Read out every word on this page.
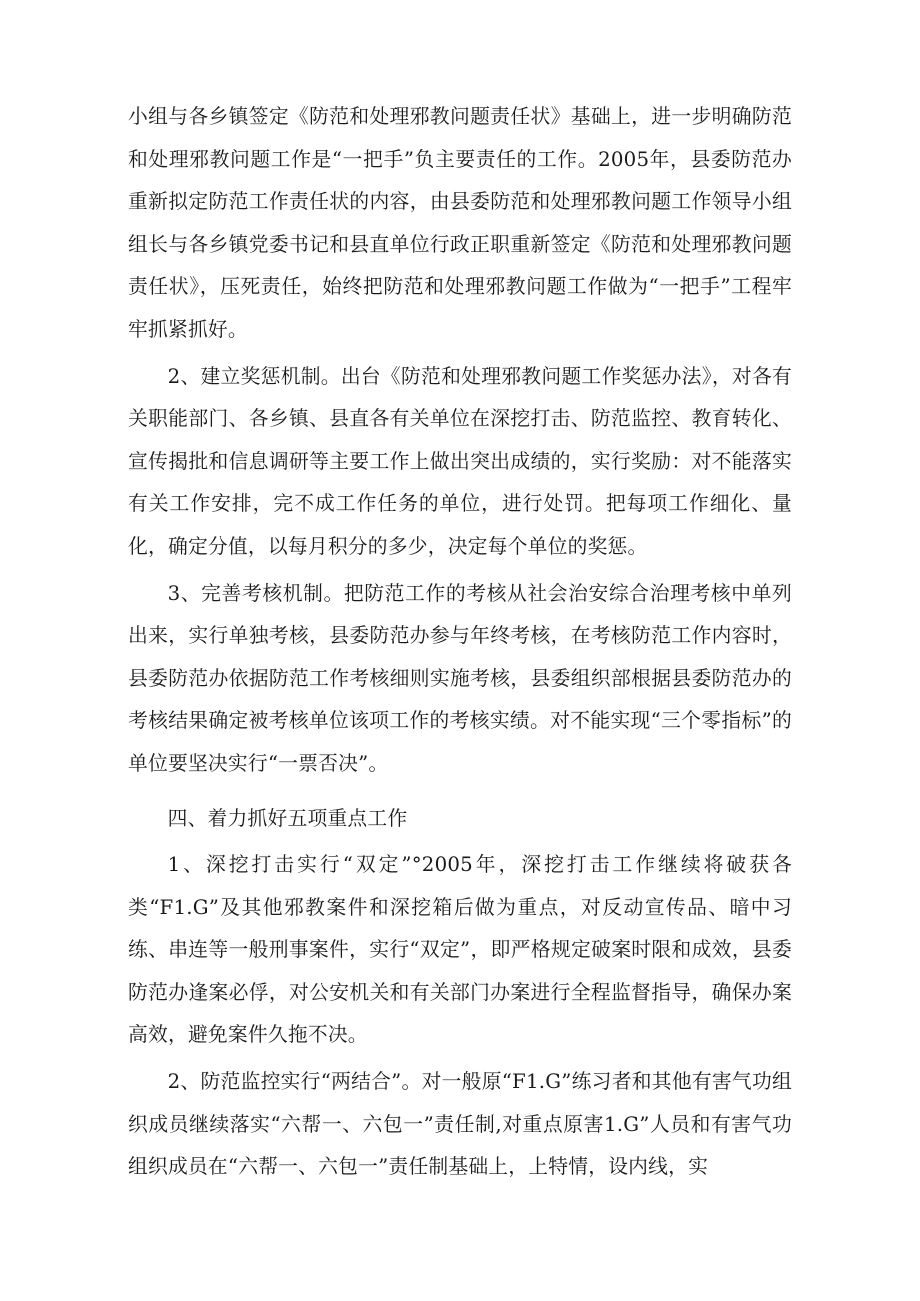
小组与各乡镇签定《防范和处理邪教问题责任状》基础上，进一步明确防范和处理邪教问题工作是“一把手”负主要责任的工作。2005年，县委防范办重新拟定防范工作责任状的内容，由县委防范和处理邪教问题工作领导小组组长与各乡镇党委书记和县直单位行政正职重新签定《防范和处理邪教问题责任状》，压死责任，始终把防范和处理邪教问题工作做为“一把手”工程牢牢抓紧抓好。

2、建立奖惩机制。出台《防范和处理邪教问题工作奖惩办法》，对各有关职能部门、各乡镇、县直各有关单位在深挖打击、防范监控、教育转化、宣传揭批和信息调研等主要工作上做出突出成绩的，实行奖励：对不能落实有关工作安排，完不成工作任务的单位，进行处罚。把每项工作细化、量化，确定分值，以每月积分的多少，决定每个单位的奖惩。

3、完善考核机制。把防范工作的考核从社会治安综合治理考核中单列出来，实行单独考核，县委防范办参与年终考核，在考核防范工作内容时，县委防范办依据防范工作考核细则实施考核，县委组织部根据县委防范办的考核结果确定被考核单位该项工作的考核实绩。对不能实现“三个零指标”的单位要坚决实行“一票否决”。

四、着力抓好五项重点工作

1、深挖打击实行“双定”°2005年，深挖打击工作继续将破获各类“F1.G”及其他邪教案件和深挖箱后做为重点，对反动宣传品、暗中习练、串连等一般刑事案件，实行“双定”，即严格规定破案时限和成效，县委防范办逢案必俘，对公安机关和有关部门办案进行全程监督指导，确保办案高效，避免案件久拖不决。

2、防范监控实行“两结合”。对一般原“F1.G”练习者和其他有害气功组织成员继续落实“六帮一、六包一”责任制,对重点原害1.G”人员和有害气功组织成员在“六帮一、六包一”责任制基础上，上特情，设内线，实
